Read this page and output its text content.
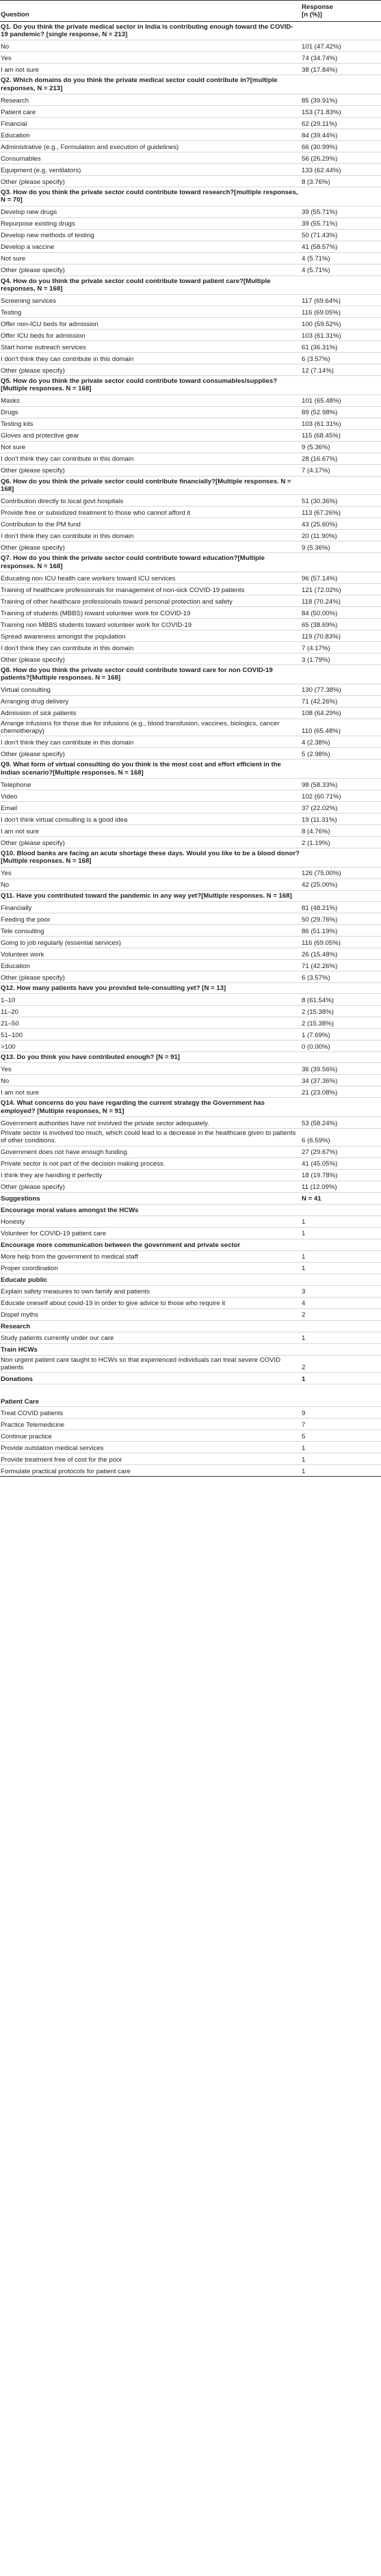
Question	Response
[n (%)]

Q1. Do you think the private medical sector in India is contributing enough toward the COVID-19 pandemic? [single response, N = 213]	
No	101 (47.42%)
Yes	74 (34.74%)
I am not sure	38 (17.84%)
Q2. Which domains do you think the private medical sector could contribute in?[multiple responses, N = 213]	
Research	85 (39.91%)
Patient care	153 (71.83%)
Financial	62 (29.11%)
Education	84 (39.44%)
Administrative (e.g., Formulation and execution of guidelines)	66 (30.99%)
Consumables	56 (26.29%)
Equipment (e.g. ventilators)	133 (62.44%)
Other (please specify)	8 (3.76%)
Q3. How do you think the private sector could contribute toward research?[multiple responses, N = 70]	
Develop new drugs	39 (55.71%)
Repurpose existing drugs	39 (55.71%)
Develop new methods of testing	50 (71.43%)
Develop a vaccine	41 (58.57%)
Not sure	4 (5.71%)
Other (please specify)	4 (5.71%)
Q4. How do you think the private sector could contribute toward patient care?[Multiple responses, N = 168]	
Screening services	117 (69.64%)
Testing	116 (69.05%)
Offer non-ICU beds for admission	100 (59.52%)
Offer ICU beds for admission	103 (61.31%)
Start home outreach services	61 (36.31%)
I don't think they can contribute in this domain	6 (3.57%)
Other (please specify)	12 (7.14%)
Q5. How do you think the private sector could contribute toward consumables/supplies? [Multiple responses. N = 168]	
Masks	101 (65.48%)
Drugs	89 (52.98%)
Testing kits	103 (61.31%)
Gloves and protective gear	115 (68.45%)
Not sure	9 (5.36%)
I don't think they can contribute in this domain	28 (16.67%)
Other (please specify)	7 (4.17%)
Q6. How do you think the private sector could contribute financially?[Multiple responses. N = 168]	
Contribution directly to local govt hospitals	51 (30.36%)
Provide free or subsidized treatment to those who cannot afford it	113 (67.26%)
Contribution to the PM fund	43 (25.60%)
I don't think they can contribute in this domain	20 (11.90%)
Other (please specify)	9 (5.36%)
Q7. How do you think the private sector could contribute toward education?[Multiple responses. N = 168]	
Educating non ICU health care workers toward ICU services	96 (57.14%)
Training of healthcare professionals for management of non-sick COVID-19 patients	121 (72.02%)
Training of other healthcare professionals toward personal protection and safety	118 (70.24%)
Training of students (MBBS) toward volunteer work for COVID-19	84 (50.00%)
Training non MBBS students toward volunteer work for COVID-19	65 (38.69%)
Spread awareness amongst the population	119 (70.83%)
I don't think they can contribute in this domain	7 (4.17%)
Other (please specify)	3 (1.79%)
Q8. How do you think the private sector could contribute toward care for non COVID-19 patients?[Multiple responses. N = 168]	
Virtual consulting	130 (77.38%)
Arranging drug delivery	71 (42.26%)
Admission of sick patients	108 (64.29%)
Arrange infusions for those due for infusions (e.g., blood transfusion, vaccines, biologics, cancer chemotherapy)	110 (65.48%)
I don't think they can contribute in this domain	4 (2.38%)
Other (please specify)	5 (2.98%)
Q9. What form of virtual consulting do you think is the most cost and effort efficient in the Indian scenario?[Multiple responses. N = 168]	
Telephone	98 (58.33%)
Video	102 (60.71%)
Email	37 (22.02%)
I don't think virtual consulting is a good idea	19 (11.31%)
I am not sure	8 (4.76%)
Other (please specify)	2 (1.19%)
Q10. Blood banks are facing an acute shortage these days. Would you like to be a blood donor?[Multiple responses. N = 168]	
Yes	126 (75.00%)
No	42 (25.00%)
Q11. Have you contributed toward the pandemic in any way yet?[Multiple responses. N = 168]	
Financially	81 (48.21%)
Feeding the poor	50 (29.76%)
Tele consulting	86 (51.19%)
Going to job regularly (essential services)	116 (69.05%)
Volunteer work	26 (15.48%)
Education	71 (42.26%)
Other (please specify)	6 (3.57%)
Q12. How many patients have you provided tele-consulting yet? [N = 13]	
1–10	8 (61.54%)
11–20	2 (15.38%)
21–50	2 (15.38%)
51–100	1 (7.69%)
>100	0 (0.00%)
Q13. Do you think you have contributed enough? [N = 91]	
Yes	36 (39.56%)
No	34 (37.36%)
I am not sure	21 (23.08%)
Q14. What concerns do you have regarding the current strategy the Government has employed? [Multiple responses, N = 91]	
Government authorities have not involved the private sector adequately.	53 (58.24%)
Private sector is involved too much, which could lead to a decrease in the healthcare given to patients of other conditions.	6 (6.59%)
Government does not have enough funding.	27 (29.67%)
Private sector is not part of the decision making process.	41 (45.05%)
I think they are handling it perfectly	18 (19.78%)
Other (please specify)	11 (12.09%)
Suggestions	N = 41
Encourage moral values amongst the HCWs	
Honesty	1
Volunteer for COVID-19 patient care	1
Encourage more communication between the government and private sector	
More help from the government to medical staff	1
Proper coordination	1
Educate public	
Explain safety measures to own family and patients	3
Educate oneself about covid-19 in order to give advice to those who require it	4
Dispel myths	2
Research	
Study patients currently under our care	1
Train HCWs	
Non urgent patient care taught to HCWs so that experienced individuals can treat severe COVID patients	2
Donations	1

Patient Care	
Treat COVID patients	9
Practice Telemedicine	7
Continue practice	5
Provide outstation medical services	1
Provide treatment free of cost for the poor	1
Formulate practical protocols for patient care	1
